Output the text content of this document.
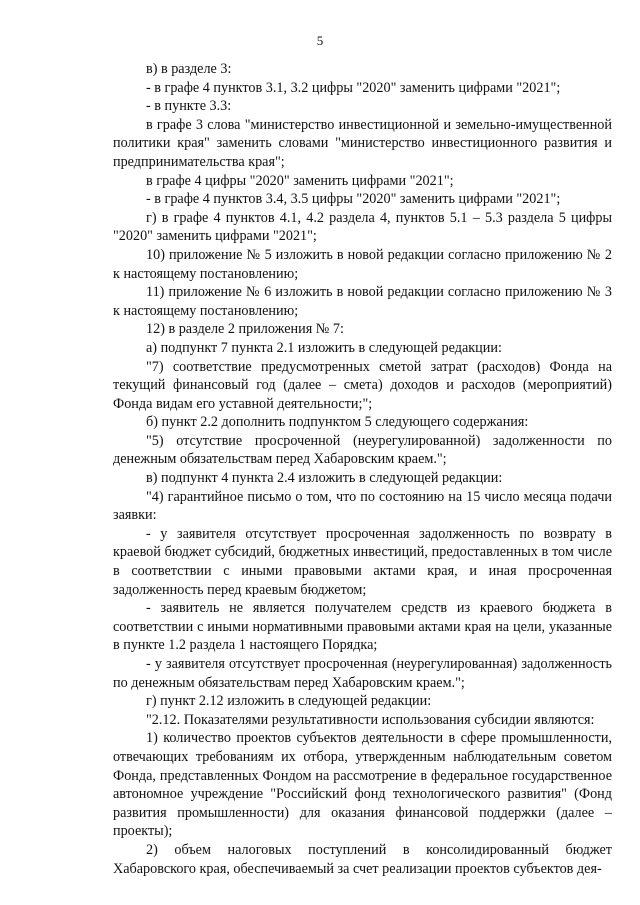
5

в) в разделе 3:

- в графе 4 пунктов 3.1, 3.2 цифры "2020" заменить цифрами "2021";

- в пункте 3.3:

в графе 3 слова "министерство инвестиционной и земельно-имущественной политики края" заменить словами "министерство инвестиционного развития и предпринимательства края";

в графе 4 цифры "2020" заменить цифрами "2021";

- в графе 4 пунктов 3.4, 3.5 цифры "2020" заменить цифрами "2021";

г) в графе 4 пунктов 4.1, 4.2 раздела 4, пунктов 5.1 – 5.3 раздела 5 цифры "2020" заменить цифрами "2021";

10) приложение № 5 изложить в новой редакции согласно приложению № 2 к настоящему постановлению;

11) приложение № 6 изложить в новой редакции согласно приложению № 3 к настоящему постановлению;

12) в разделе 2 приложения № 7:

а) подпункт 7 пункта 2.1 изложить в следующей редакции:

"7) соответствие предусмотренных сметой затрат (расходов) Фонда на текущий финансовый год (далее – смета) доходов и расходов (мероприятий) Фонда видам его уставной деятельности;";

б) пункт 2.2 дополнить подпунктом 5 следующего содержания:

"5) отсутствие просроченной (неурегулированной) задолженности по денежным обязательствам перед Хабаровским краем.";

в) подпункт 4 пункта 2.4 изложить в следующей редакции:

"4) гарантийное письмо о том, что по состоянию на 15 число месяца подачи заявки:

- у заявителя отсутствует просроченная задолженность по возврату в краевой бюджет субсидий, бюджетных инвестиций, предоставленных в том числе в соответствии с иными правовыми актами края, и иная просроченная задолженность перед краевым бюджетом;

- заявитель не является получателем средств из краевого бюджета в соответствии с иными нормативными правовыми актами края на цели, указанные в пункте 1.2 раздела 1 настоящего Порядка;

- у заявителя отсутствует просроченная (неурегулированная) задолженность по денежным обязательствам перед Хабаровским краем.";

г) пункт 2.12 изложить в следующей редакции:

"2.12. Показателями результативности использования субсидии являются:

1) количество проектов субъектов деятельности в сфере промышленности, отвечающих требованиям их отбора, утвержденным наблюдательным советом Фонда, представленных Фондом на рассмотрение в федеральное государственное автономное учреждение "Российский фонд технологического развития" (Фонд развития промышленности) для оказания финансовой поддержки (далее – проекты);

2) объем налоговых поступлений в консолидированный бюджет Хабаровского края, обеспечиваемый за счет реализации проектов субъектов дея-
